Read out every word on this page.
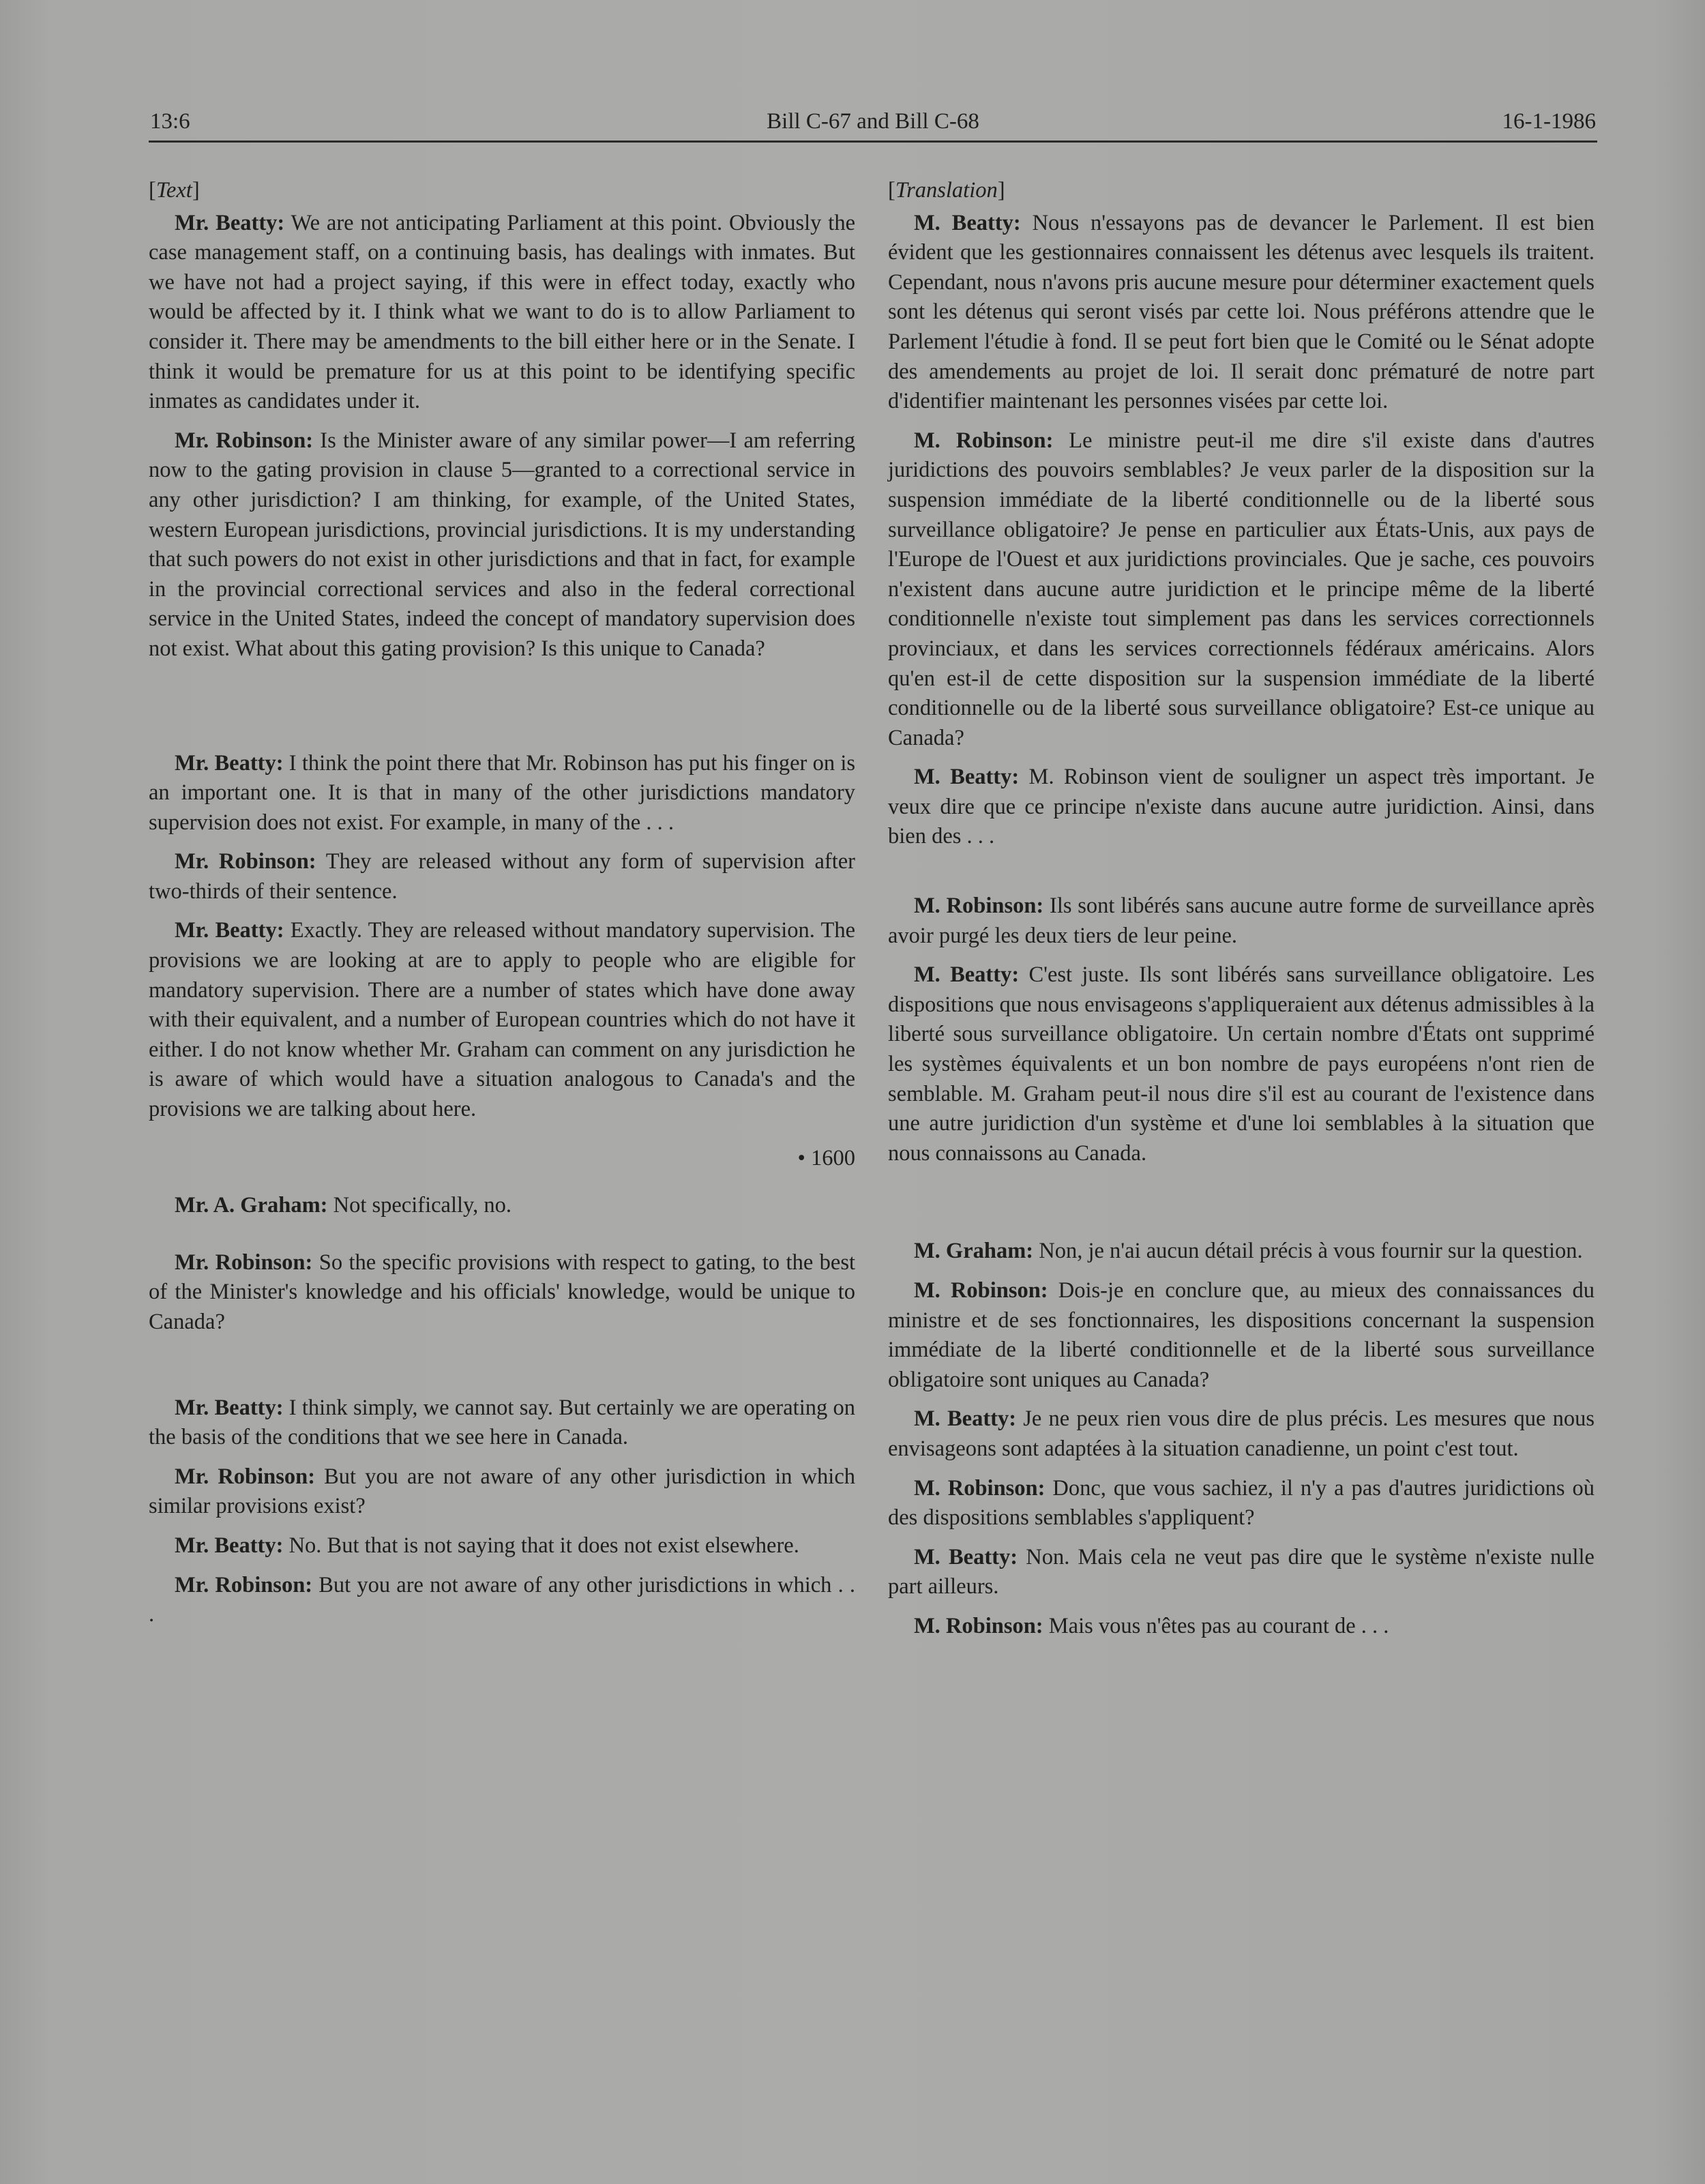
13:6	Bill C-67 and Bill C-68	16-1-1986

[Text]

Mr. Beatty: We are not anticipating Parliament at this point. Obviously the case management staff, on a continuing basis, has dealings with inmates. But we have not had a project saying, if this were in effect today, exactly who would be affected by it. I think what we want to do is to allow Parliament to consider it. There may be amendments to the bill either here or in the Senate. I think it would be premature for us at this point to be identifying specific inmates as candidates under it.

Mr. Robinson: Is the Minister aware of any similar power—I am referring now to the gating provision in clause 5—granted to a correctional service in any other jurisdiction? I am thinking, for example, of the United States, western European jurisdictions, provincial jurisdictions. It is my understanding that such powers do not exist in other jurisdictions and that in fact, for example in the provincial correctional services and also in the federal correctional service in the United States, indeed the concept of mandatory supervision does not exist. What about this gating provision? Is this unique to Canada?

Mr. Beatty: I think the point there that Mr. Robinson has put his finger on is an important one. It is that in many of the other jurisdictions mandatory supervision does not exist. For example, in many of the . . .

Mr. Robinson: They are released without any form of supervision after two-thirds of their sentence.

Mr. Beatty: Exactly. They are released without mandatory supervision. The provisions we are looking at are to apply to people who are eligible for mandatory supervision. There are a number of states which have done away with their equivalent, and a number of European countries which do not have it either. I do not know whether Mr. Graham can comment on any jurisdiction he is aware of which would have a situation analogous to Canada's and the provisions we are talking about here.

• 1600

Mr. A. Graham: Not specifically, no.

Mr. Robinson: So the specific provisions with respect to gating, to the best of the Minister's knowledge and his officials' knowledge, would be unique to Canada?

Mr. Beatty: I think simply, we cannot say. But certainly we are operating on the basis of the conditions that we see here in Canada.

Mr. Robinson: But you are not aware of any other jurisdiction in which similar provisions exist?

Mr. Beatty: No. But that is not saying that it does not exist elsewhere.

Mr. Robinson: But you are not aware of any other jurisdictions in which . . .

[Translation]

M. Beatty: Nous n'essayons pas de devancer le Parlement. Il est bien évident que les gestionnaires connaissent les détenus avec lesquels ils traitent. Cependant, nous n'avons pris aucune mesure pour déterminer exactement quels sont les détenus qui seront visés par cette loi. Nous préférons attendre que le Parlement l'étudie à fond. Il se peut fort bien que le Comité ou le Sénat adopte des amendements au projet de loi. Il serait donc prématuré de notre part d'identifier maintenant les personnes visées par cette loi.

M. Robinson: Le ministre peut-il me dire s'il existe dans d'autres juridictions des pouvoirs semblables? Je veux parler de la disposition sur la suspension immédiate de la liberté conditionnelle ou de la liberté sous surveillance obligatoire? Je pense en particulier aux États-Unis, aux pays de l'Europe de l'Ouest et aux juridictions provinciales. Que je sache, ces pouvoirs n'existent dans aucune autre juridiction et le principe même de la liberté conditionnelle n'existe tout simplement pas dans les services correctionnels provinciaux, et dans les services correctionnels fédéraux américains. Alors qu'en est-il de cette disposition sur la suspension immédiate de la liberté conditionnelle ou de la liberté sous surveillance obligatoire? Est-ce unique au Canada?

M. Beatty: M. Robinson vient de souligner un aspect très important. Je veux dire que ce principe n'existe dans aucune autre juridiction. Ainsi, dans bien des . . .

M. Robinson: Ils sont libérés sans aucune autre forme de surveillance après avoir purgé les deux tiers de leur peine.

M. Beatty: C'est juste. Ils sont libérés sans surveillance obligatoire. Les dispositions que nous envisageons s'appliqueraient aux détenus admissibles à la liberté sous surveillance obligatoire. Un certain nombre d'États ont supprimé les systèmes équivalents et un bon nombre de pays européens n'ont rien de semblable. M. Graham peut-il nous dire s'il est au courant de l'existence dans une autre juridiction d'un système et d'une loi semblables à la situation que nous connaissons au Canada.

M. Graham: Non, je n'ai aucun détail précis à vous fournir sur la question.

M. Robinson: Dois-je en conclure que, au mieux des connaissances du ministre et de ses fonctionnaires, les dispositions concernant la suspension immédiate de la liberté conditionnelle et de la liberté sous surveillance obligatoire sont uniques au Canada?

M. Beatty: Je ne peux rien vous dire de plus précis. Les mesures que nous envisageons sont adaptées à la situation canadienne, un point c'est tout.

M. Robinson: Donc, que vous sachiez, il n'y a pas d'autres juridictions où des dispositions semblables s'appliquent?

M. Beatty: Non. Mais cela ne veut pas dire que le système n'existe nulle part ailleurs.

M. Robinson: Mais vous n'êtes pas au courant de . . .
